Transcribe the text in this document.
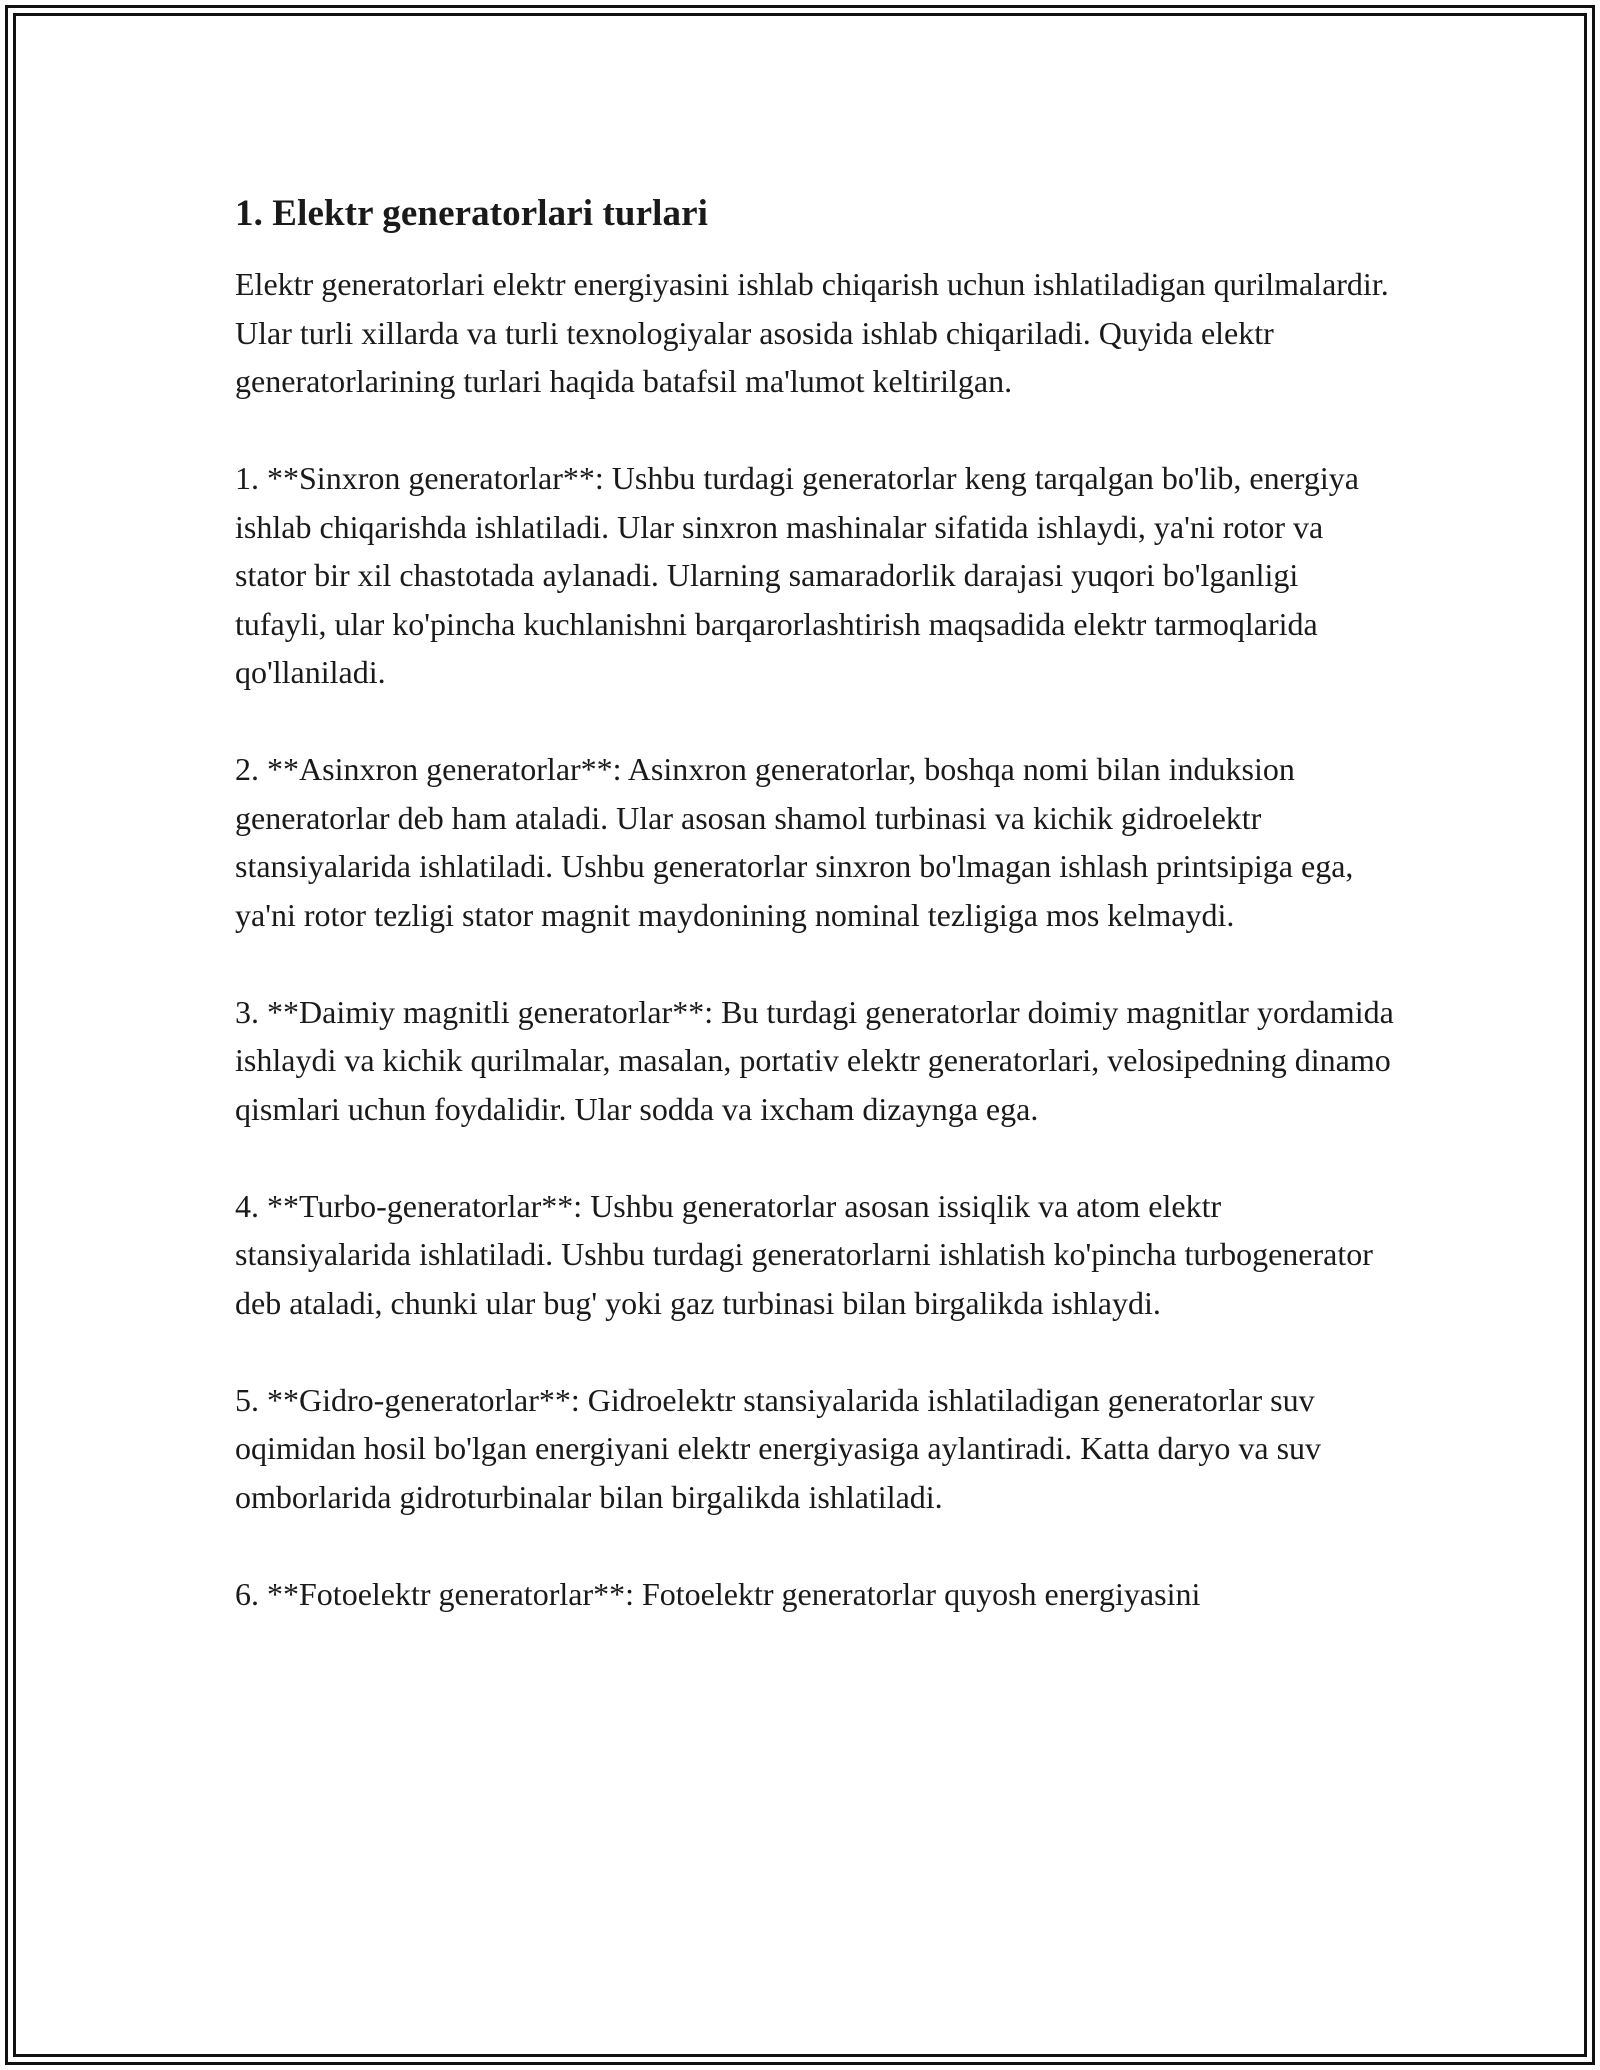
1. Elektr generatorlari turlari

Elektr generatorlari elektr energiyasini ishlab chiqarish uchun ishlatiladigan qurilmalardir. Ular turli xillarda va turli texnologiyalar asosida ishlab chiqariladi. Quyida elektr generatorlarining turlari haqida batafsil ma'lumot keltirilgan.

1. **Sinxron generatorlar**: Ushbu turdagi generatorlar keng tarqalgan bo'lib, energiya ishlab chiqarishda ishlatiladi. Ular sinxron mashinalar sifatida ishlaydi, ya'ni rotor va stator bir xil chastotada aylanadi. Ularning samaradorlik darajasi yuqori bo'lganligi tufayli, ular ko'pincha kuchlanishni barqarorlashtirish maqsadida elektr tarmoqlarida qo'llaniladi.

2. **Asinxron generatorlar**: Asinxron generatorlar, boshqa nomi bilan induksion generatorlar deb ham ataladi. Ular asosan shamol turbinasi va kichik gidroelektr stansiyalarida ishlatiladi. Ushbu generatorlar sinxron bo'lmagan ishlash printsipiga ega, ya'ni rotor tezligi stator magnit maydonining nominal tezligiga mos kelmaydi.

3. **Daimiy magnitli generatorlar**: Bu turdagi generatorlar doimiy magnitlar yordamida ishlaydi va kichik qurilmalar, masalan, portativ elektr generatorlari, velosipedning dinamo qismlari uchun foydalidir. Ular sodda va ixcham dizaynga ega.

4. **Turbo-generatorlar**: Ushbu generatorlar asosan issiqlik va atom elektr stansiyalarida ishlatiladi. Ushbu turdagi generatorlarni ishlatish ko'pincha turbogenerator deb ataladi, chunki ular bug' yoki gaz turbinasi bilan birgalikda ishlaydi.

5. **Gidro-generatorlar**: Gidroelektr stansiyalarida ishlatiladigan generatorlar suv oqimidan hosil bo'lgan energiyani elektr energiyasiga aylantiradi. Katta daryo va suv omborlarida gidroturbinalar bilan birgalikda ishlatiladi.

6. **Fotoelektr generatorlar**: Fotoelektr generatorlar quyosh energiyasini
